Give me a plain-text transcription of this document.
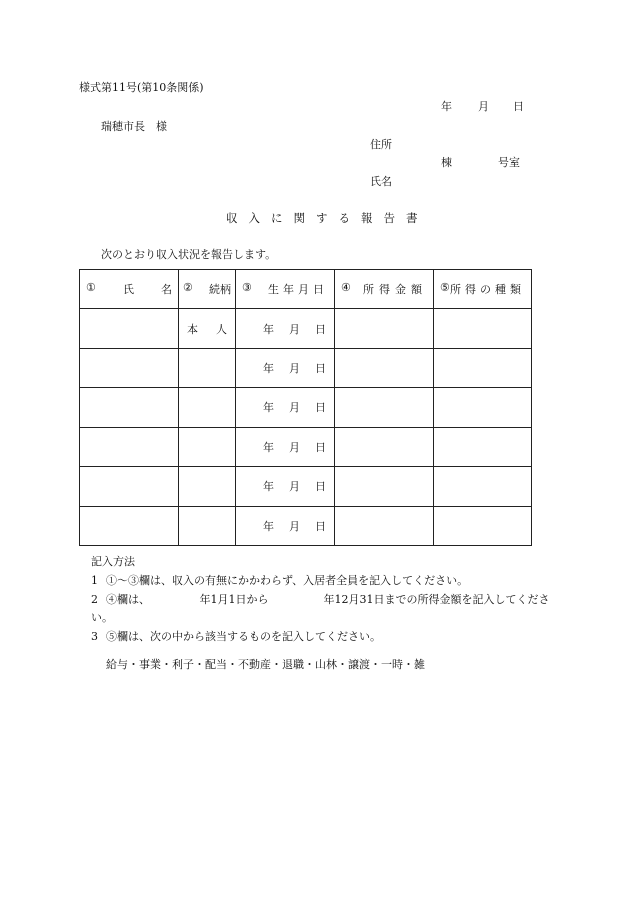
様式第11号(第10条関係)
年 月 日
瑞穂市長　様
住所
棟	号室
氏名
収入に関する報告書
次のとおり収入状況を報告します。
① 氏 名	② 続柄	③ 生年月日	④ 所得金額	⑤ 所得の種類

	本 人	年 月 日		

		年 月 日		

		年 月 日		

		年 月 日		

		年 月 日		

		年 月 日		

記入方法
1 ①～③欄は、収入の有無にかかわらず、入居者全員を記入してください。
2 ④欄は、　　　　　年1月1日から　　　　　年12月31日までの所得金額を記入してくださ
い。
3 ⑤欄は、次の中から該当するものを記入してください。
給与・事業・利子・配当・不動産・退職・山林・譲渡・一時・雑
